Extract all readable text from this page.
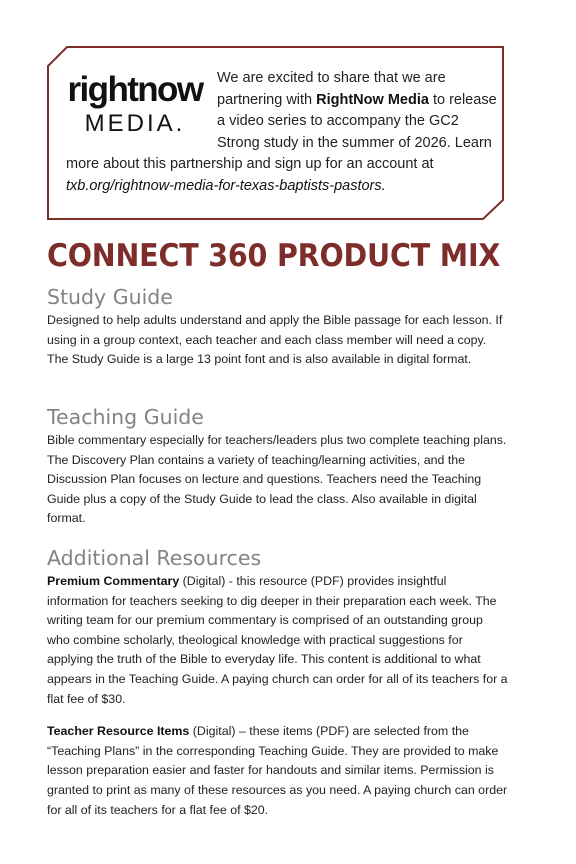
rightnow
MEDIA.
We are excited to share that we are partnering with RightNow Media to release a video series to accompany the GC2 Strong study in the summer of 2026. Learn more about this partnership and sign up for an account at txb.org/rightnow-media-for-texas-baptists-pastors.
CONNECT 360 PRODUCT MIX
Study Guide

Designed to help adults understand and apply the Bible passage for each lesson. If using in a group context, each teacher and each class member will need a copy. The Study Guide is a large 13 point font and is also available in digital format.

Teaching Guide

Bible commentary especially for teachers/leaders plus two complete teaching plans. The Discovery Plan contains a variety of teaching/learning activities, and the Discussion Plan focuses on lecture and questions. Teachers need the Teaching Guide plus a copy of the Study Guide to lead the class. Also available in digital format.

Additional Resources

Premium Commentary (Digital) - this resource (PDF) provides insightful information for teachers seeking to dig deeper in their preparation each week. The writing team for our premium commentary is comprised of an outstanding group who combine scholarly, theological knowledge with practical suggestions for applying the truth of the Bible to everyday life. This content is additional to what appears in the Teaching Guide. A paying church can order for all of its teachers for a flat fee of $30.

Teacher Resource Items (Digital) – these items (PDF) are selected from the “Teaching Plans” in the corresponding Teaching Guide. They are provided to make lesson preparation easier and faster for handouts and similar items. Permission is granted to print as many of these resources as you need. A paying church can order for all of its teachers for a flat fee of $20.
